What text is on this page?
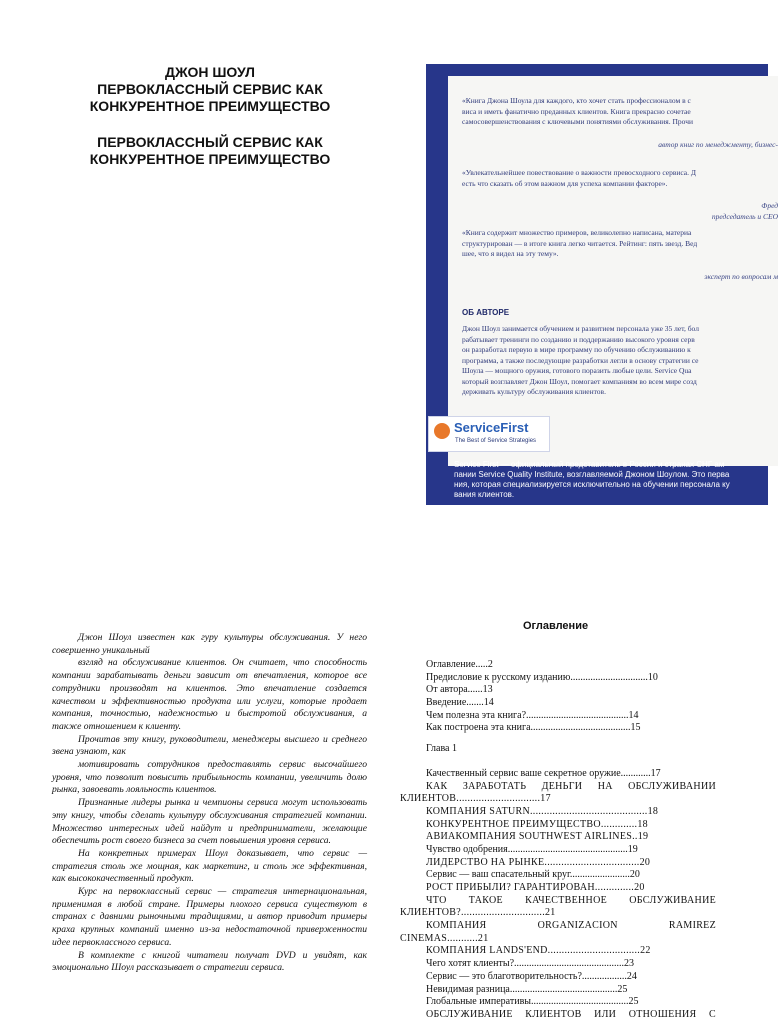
ДЖОН ШОУЛ
ПЕРВОКЛАССНЫЙ СЕРВИС КАК
КОНКУРЕНТНОЕ ПРЕИМУЩЕСТВО
ПЕРВОКЛАССНЫЙ СЕРВИС КАК
КОНКУРЕНТНОЕ ПРЕИМУЩЕСТВО
«Книга Джона Шоула для каждого, кто хочет стать профессионалом в с
виса и иметь фанатично преданных клиентов. Книга прекрасно сочетае
самосовершенствования с ключевыми понятиями обслуживания. Прочи
автор книг по менеджменту, бизнес-
«Увлекательнейшее повествование о важности превосходного сервиса. Д
есть что сказать об этом важном для успеха компании факторе».
Фред
председатель и CEO
«Книга содержит множество примеров, великолепно написана, материа
структурирован — в итоге книга легко читается. Рейтинг: пять звезд. Вед
шее, что я видел на эту тему».
эксперт по вопросам м
ОБ АВТОРЕ
Джон Шоул занимается обучением и развитием персонала уже 35 лет, бол
рабатывает тренинги по созданию и поддержанию высокого уровня серв
он разработал первую в мире программу по обучению обслуживанию к
программа, а также последующие разработки легли в основу стратегии се
Шоула — мощного оружия, готового поразить любые цели. Service Qua
который возглавляет Джон Шоул, помогает компаниям во всем мире созд
держивать культуру обслуживания клиентов.
ServiceFirst
The Best of Service Strategies
Service First — официальный представитель в России и странах СНГ ам
пании Service Quality Institute, возглавляемой Джоном Шоулом. Это перва
ния, которая специализируется исключительно на обучении персонала ку
вания клиентов.

Джон Шоул известен как гуру культуры обслуживания. У него совершенно уникальный

взгляд на обслуживание клиентов. Он считает, что способность компании зарабатывать деньги зависит от впечатления, которое все сотрудники производят на клиентов. Это впечатление создается качеством и эффективностью продукта или услуги, которые продает компания, точностью, надежностью и быстротой обслуживания, а также отношением к клиенту.

Прочитав эту книгу, руководители, менеджеры высшего и среднего звена узнают, как

мотивировать сотрудников предоставлять сервис высочайшего уровня, что позволит повысить прибыльность компании, увеличить долю рынка, завоевать лояльность клиентов.

Признанные лидеры рынка и чемпионы сервиса могут использовать эту книгу, чтобы сделать культуру обслуживания стратегией компании. Множество интересных идей найдут и предприниматели, желающие обеспечить рост своего бизнеса за счет повышения уровня сервиса.

На конкретных примерах Шоул доказывает, что сервис — стратегия столь же мощная, как маркетинг, и столь же эффективная, как высококачественный продукт.

Курс на первоклассный сервис — стратегия интернациональная, применимая в любой стране. Примеры плохого сервиса существуют в странах с давними рыночными традициями, и автор приводит примеры краха крупных компаний именно из-за недостаточной приверженности идее первоклассного сервиса.

В комплекте с книгой читатели получат DVD и увидят, как эмоционально Шоул рассказывает о стратегии сервиса.

Оглавление
Оглавление.....2
Предисловие к русскому изданию...............................10
От автора......13
Введение.......14
Чем полезна эта книга?.........................................14
Как построена эта книга........................................15
Глава 1
Качественный сервис ваше секретное оружие............17
КАК ЗАРАБОТАТЬ ДЕНЬГИ НА ОБСЛУЖИВАНИИ
КЛИЕНТОВ..............................17
КОМПАНИЯ SATURN..........................................18
КОНКУРЕНТНОЕ ПРЕИМУЩЕСТВО.............18
АВИАКОМПАНИЯ SOUTHWEST AIRLINES..19
Чувство одобрения................................................19
ЛИДЕРСТВО НА РЫНКЕ..................................20
Сервис — ваш спасательный круг........................20
РОСТ ПРИБЫЛИ? ГАРАНТИРОВАН..............20
ЧТО ТАКОЕ КАЧЕСТВЕННОЕ ОБСЛУЖИВАНИЕ
КЛИЕНТОВ?..............................21
КОМПАНИЯ ORGANIZACION RAMIREZ
CINEMAS...........21
КОМПАНИЯ LANDS'END.................................22
Чего хотят клиенты?............................................23
Сервис — это благотворительность?..................24
Невидимая разница...........................................25
Глобальные императивы.......................................25
ОБСЛУЖИВАНИЕ КЛИЕНТОВ ИЛИ ОТНОШЕНИЯ С
